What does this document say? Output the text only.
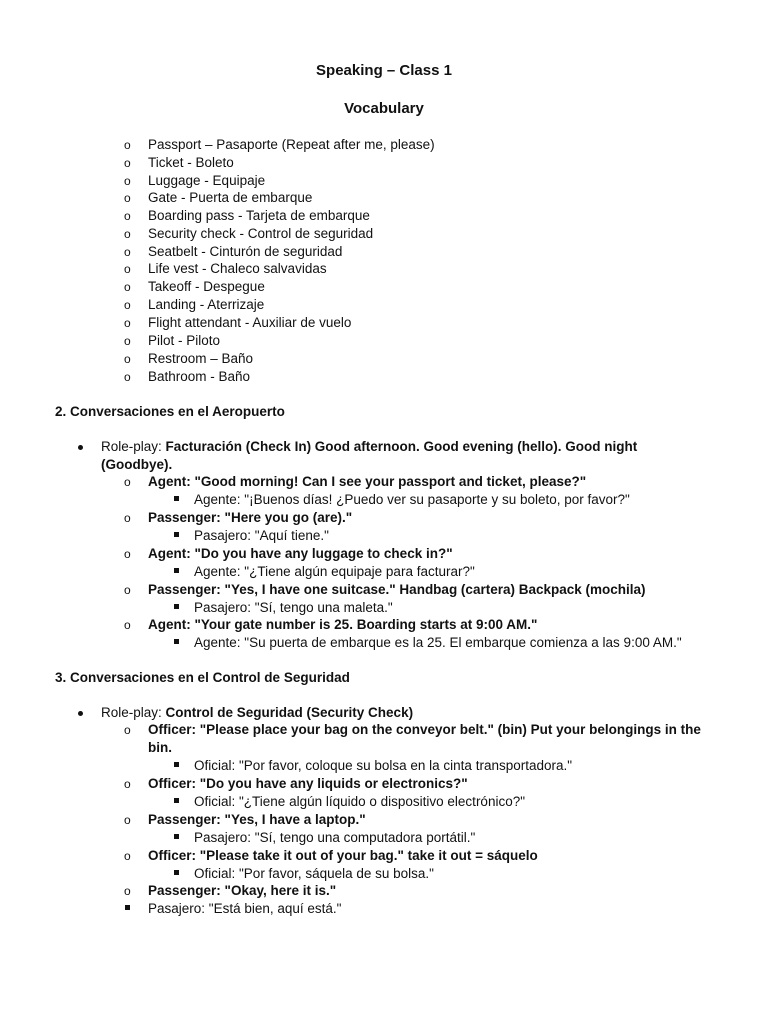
Speaking – Class 1
Vocabulary
o Passport – Pasaporte (Repeat after me, please)
o Ticket - Boleto
o Luggage - Equipaje
o Gate - Puerta de embarque
o Boarding pass - Tarjeta de embarque
o Security check - Control de seguridad
o Seatbelt - Cinturón de seguridad
o Life vest - Chaleco salvavidas
o Takeoff - Despegue
o Landing - Aterrizaje
o Flight attendant - Auxiliar de vuelo
o Pilot - Piloto
o Restroom – Baño
o Bathroom - Baño
2. Conversaciones en el Aeropuerto
Role-play: Facturación (Check In) Good afternoon. Good evening (hello). Good night
(Goodbye).
o Agent: "Good morning! Can I see your passport and ticket, please?"
Agente: "¡Buenos días! ¿Puedo ver su pasaporte y su boleto, por favor?"
o Passenger: "Here you go (are)."
Pasajero: "Aquí tiene."
o Agent: "Do you have any luggage to check in?"
Agente: "¿Tiene algún equipaje para facturar?"
o Passenger: "Yes, I have one suitcase." Handbag (cartera) Backpack (mochila)
Pasajero: "Sí, tengo una maleta."
o Agent: "Your gate number is 25. Boarding starts at 9:00 AM."
Agente: "Su puerta de embarque es la 25. El embarque comienza a las 9:00 AM."
3. Conversaciones en el Control de Seguridad
Role-play: Control de Seguridad (Security Check)
o Officer: "Please place your bag on the conveyor belt." (bin) Put your belongings in the
bin.
Oficial: "Por favor, coloque su bolsa en la cinta transportadora."
o Officer: "Do you have any liquids or electronics?"
Oficial: "¿Tiene algún líquido o dispositivo electrónico?"
o Passenger: "Yes, I have a laptop."
Pasajero: "Sí, tengo una computadora portátil."
o Officer: "Please take it out of your bag." take it out = sáquelo
Oficial: "Por favor, sáquela de su bolsa."
o Passenger: "Okay, here it is."
Pasajero: "Está bien, aquí está."
